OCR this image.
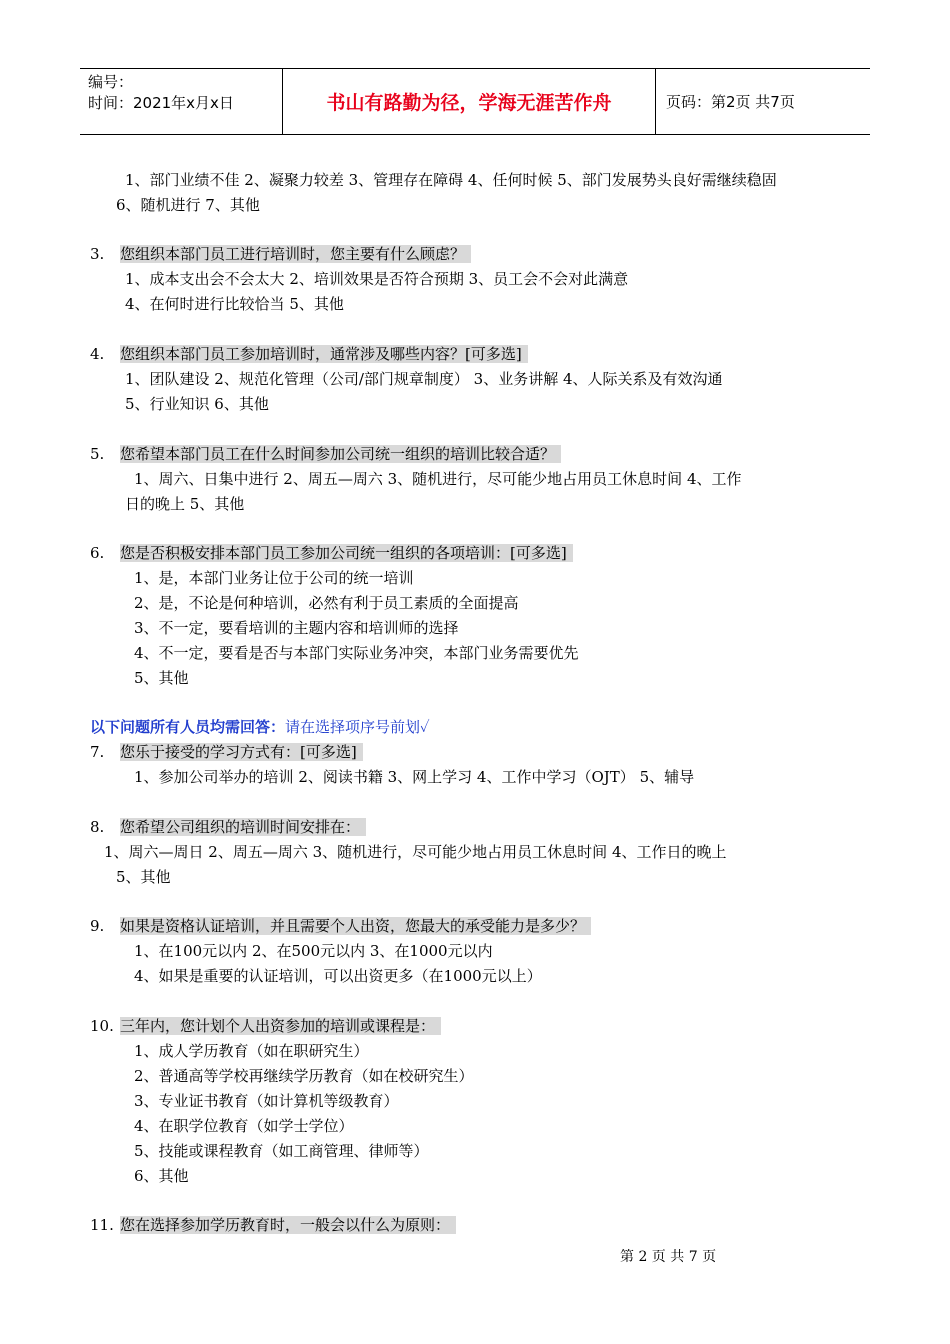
编号：
时间：2021年x月x日	书山有路勤为径，学海无涯苦作舟	页码：第2页 共7页
1、部门业绩不佳 2、凝聚力较差 3、管理存在障碍 4、任何时候 5、部门发展势头良好需继续稳固
6、随机进行 7、其他
3. 您组织本部门员工进行培训时，您主要有什么顾虑？
1、成本支出会不会太大 2、培训效果是否符合预期 3、员工会不会对此满意
4、在何时进行比较恰当 5、其他
4. 您组织本部门员工参加培训时，通常涉及哪些内容？[可多选]
1、团队建设 2、规范化管理（公司/部门规章制度） 3、业务讲解 4、人际关系及有效沟通
5、行业知识 6、其他
5. 您希望本部门员工在什么时间参加公司统一组织的培训比较合适？
1、周六、日集中进行 2、周五—周六 3、随机进行，尽可能少地占用员工休息时间 4、工作
日的晚上 5、其他
6. 您是否积极安排本部门员工参加公司统一组织的各项培训：[可多选]
1、是，本部门业务让位于公司的统一培训
2、是，不论是何种培训，必然有利于员工素质的全面提高
3、不一定，要看培训的主题内容和培训师的选择
4、不一定，要看是否与本部门实际业务冲突，本部门业务需要优先
5、其他
以下问题所有人员均需回答：请在选择项序号前划✓
7. 您乐于接受的学习方式有：[可多选]
1、参加公司举办的培训 2、阅读书籍 3、网上学习 4、工作中学习（OJT） 5、辅导
8. 您希望公司组织的培训时间安排在：
1、周六—周日 2、周五—周六 3、随机进行，尽可能少地占用员工休息时间 4、工作日的晚上
5、其他
9. 如果是资格认证培训，并且需要个人出资，您最大的承受能力是多少？
1、在100元以内 2、在500元以内 3、在1000元以内
4、如果是重要的认证培训，可以出资更多（在1000元以上）
10. 三年内，您计划个人出资参加的培训或课程是：
1、成人学历教育（如在职研究生）
2、普通高等学校再继续学历教育（如在校研究生）
3、专业证书教育（如计算机等级教育）
4、在职学位教育（如学士学位）
5、技能或课程教育（如工商管理、律师等）
6、其他
11. 您在选择参加学历教育时，一般会以什么为原则：
第 2 页 共 7 页
